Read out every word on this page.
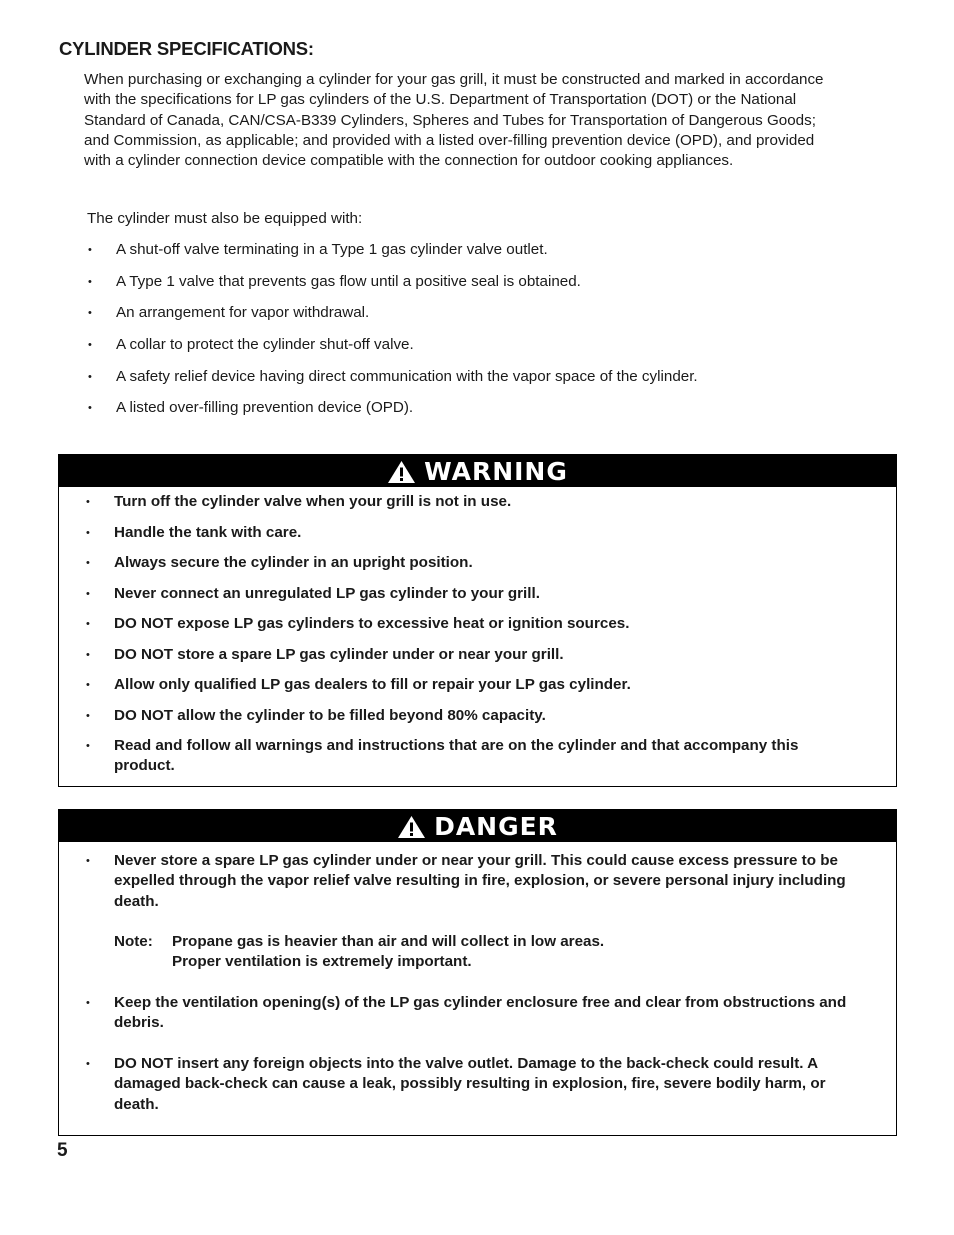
CYLINDER SPECIFICATIONS:

When purchasing or exchanging a cylinder for your gas grill, it must be constructed and marked in accordance with the specifications for LP gas cylinders of the U.S. Department of Transportation (DOT) or the National Standard of Canada, CAN/CSA-B339 Cylinders, Spheres and Tubes for Transportation of Dangerous Goods; and Commission, as applicable; and provided with a listed over-filling prevention device (OPD), and provided with a cylinder connection device compatible with the connection for outdoor cooking appliances.

The cylinder must also be equipped with:

• A shut-off valve terminating in a Type 1 gas cylinder valve outlet.
• A Type 1 valve that prevents gas flow until a positive seal is obtained.
• An arrangement for vapor withdrawal.
• A collar to protect the cylinder shut-off valve.
• A safety relief device having direct communication with the vapor space of the cylinder.
• A listed over-filling prevention device (OPD).
WARNING
• Turn off the cylinder valve when your grill is not in use.
• Handle the tank with care.
• Always secure the cylinder in an upright position.
• Never connect an unregulated LP gas cylinder to your grill.
• DO NOT expose LP gas cylinders to excessive heat or ignition sources.
• DO NOT store a spare LP gas cylinder under or near your grill.
• Allow only qualified LP gas dealers to fill or repair your LP gas cylinder.
• DO NOT allow the cylinder to be filled beyond 80% capacity.
• Read and follow all warnings and instructions that are on the cylinder and that accompany this product.
DANGER
• Never store a spare LP gas cylinder under or near your grill. This could cause excess pressure to be expelled through the vapor relief valve resulting in fire, explosion, or severe personal injury including death.
Note:	Propane gas is heavier than air and will collect in low areas.
Proper ventilation is extremely important.
• Keep the ventilation opening(s) of the LP gas cylinder enclosure free and clear from obstructions and debris.
• DO NOT insert any foreign objects into the valve outlet. Damage to the back-check could result. A damaged back-check can cause a leak, possibly resulting in explosion, fire, severe bodily harm, or death.
5
